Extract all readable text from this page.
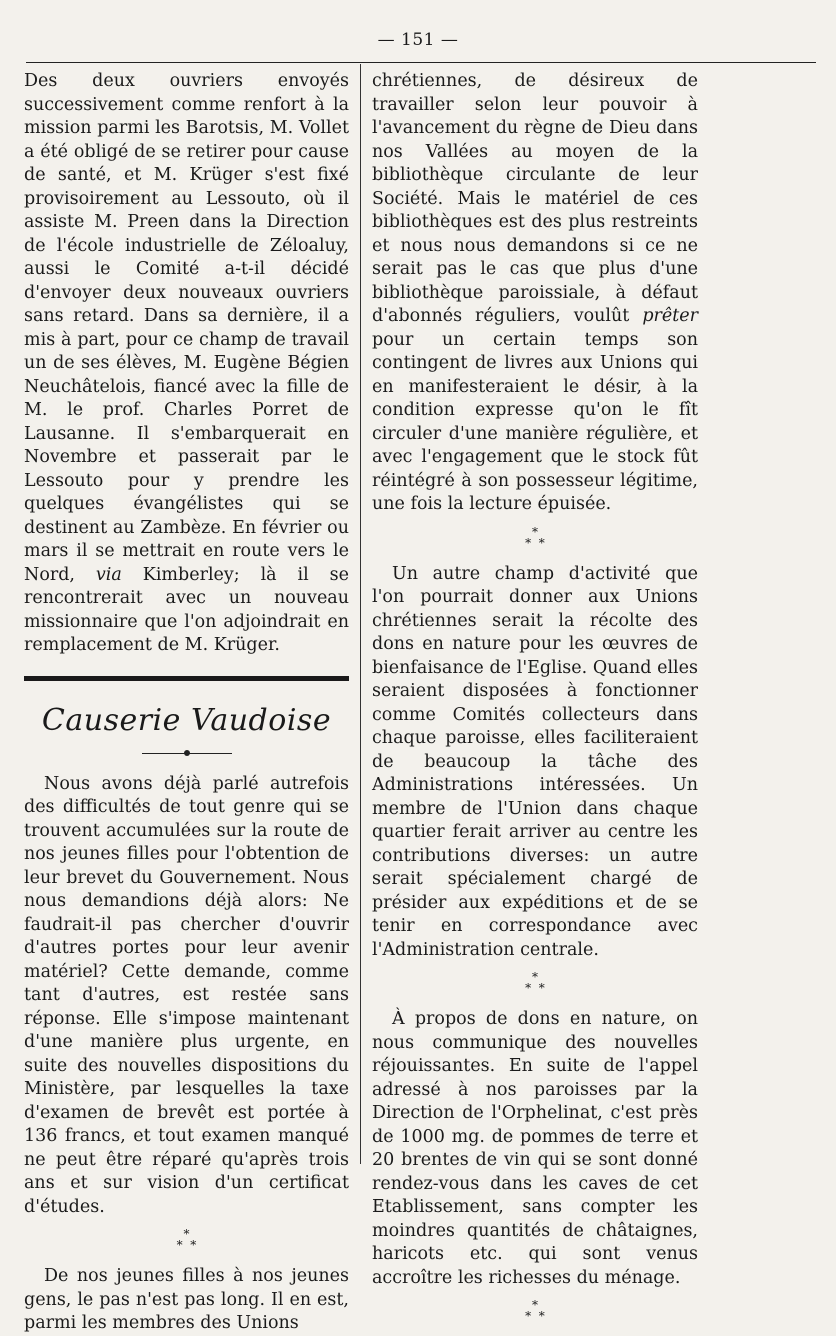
— 151 —

Des deux ouvriers envoyés successivement comme renfort à la mission parmi les Barotsis, M. Vollet a été obligé de se retirer pour cause de santé, et M. Krüger s'est fixé provisoirement au Lessouto, où il assiste M. Preen dans la Direction de l'école industrielle de Zéloaluy, aussi le Comité a-t-il décidé d'envoyer deux nouveaux ouvriers sans retard. Dans sa dernière, il a mis à part, pour ce champ de travail un de ses élèves, M. Eugène Bégien Neuchâtelois, fiancé avec la fille de M. le prof. Charles Porret de Lausanne. Il s'embarquerait en Novembre et passerait par le Lessouto pour y prendre les quelques évangélistes qui se destinent au Zambèze. En février ou mars il se mettrait en route vers le Nord, via Kimberley; là il se rencontrerait avec un nouveau missionnaire que l'on adjoindrait en remplacement de M. Krüger.

Causerie Vaudoise

Nous avons déjà parlé autrefois des difficultés de tout genre qui se trouvent accumulées sur la route de nos jeunes filles pour l'obtention de leur brevet du Gouvernement. Nous nous demandions déjà alors: Ne faudrait-il pas chercher d'ouvrir d'autres portes pour leur avenir matériel? Cette demande, comme tant d'autres, est restée sans réponse. Elle s'impose maintenant d'une manière plus urgente, en suite des nouvelles dispositions du Ministère, par lesquelles la taxe d'examen de brevêt est portée à 136 francs, et tout examen manqué ne peut être réparé qu'après trois ans et sur vision d'un certificat d'études.

*
*  *

De nos jeunes filles à nos jeunes gens, le pas n'est pas long. Il en est, parmi les membres des Unions

chrétiennes, de désireux de travailler selon leur pouvoir à l'avancement du règne de Dieu dans nos Vallées au moyen de la bibliothèque circulante de leur Société. Mais le matériel de ces bibliothèques est des plus restreints et nous nous demandons si ce ne serait pas le cas que plus d'une bibliothèque paroissiale, à défaut d'abonnés réguliers, voulût prêter pour un certain temps son contingent de livres aux Unions qui en manifesteraient le désir, à la condition expresse qu'on le fît circuler d'une manière régulière, et avec l'engagement que le stock fût réintégré à son possesseur légitime, une fois la lecture épuisée.

*
*  *

Un autre champ d'activité que l'on pourrait donner aux Unions chrétiennes serait la récolte des dons en nature pour les œuvres de bienfaisance de l'Eglise. Quand elles seraient disposées à fonctionner comme Comités collecteurs dans chaque paroisse, elles faciliteraient de beaucoup la tâche des Administrations intéressées. Un membre de l'Union dans chaque quartier ferait arriver au centre les contributions diverses: un autre serait spécialement chargé de présider aux expéditions et de se tenir en correspondance avec l'Administration centrale.

*
*  *

À propos de dons en nature, on nous communique des nouvelles réjouissantes. En suite de l'appel adressé à nos paroisses par la Direction de l'Orphelinat, c'est près de 1000 mg. de pommes de terre et 20 brentes de vin qui se sont donné rendez-vous dans les caves de cet Etablissement, sans compter les moindres quantités de châtaignes, haricots etc. qui sont venus accroître les richesses du ménage.

*
*  *
